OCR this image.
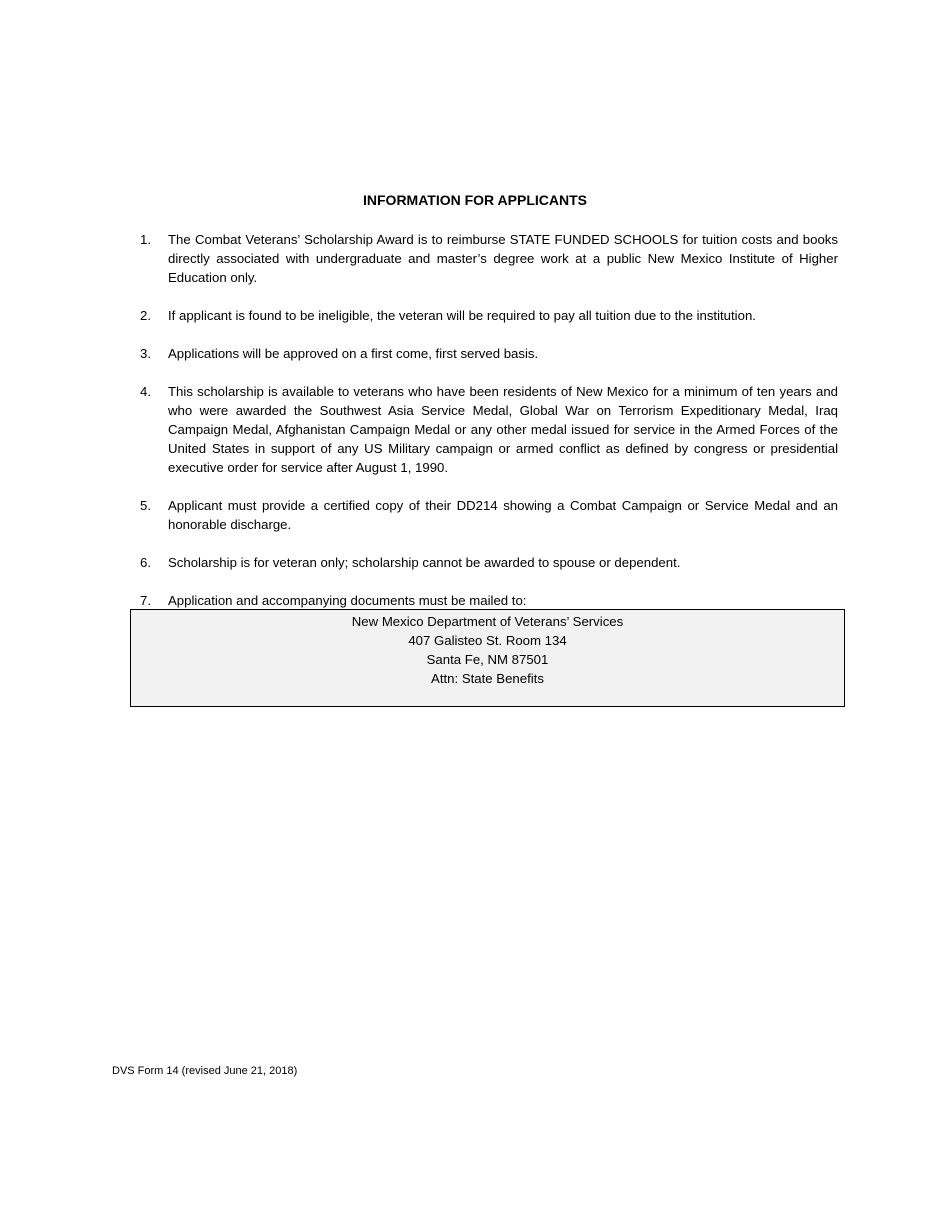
INFORMATION FOR APPLICANTS
1.	The Combat Veterans’ Scholarship Award is to reimburse STATE FUNDED SCHOOLS for tuition costs and books directly associated with undergraduate and master’s degree work at a public New Mexico Institute of Higher Education only.
2.	If applicant is found to be ineligible, the veteran will be required to pay all tuition due to the institution.
3.	Applications will be approved on a first come, first served basis.
4.	This scholarship is available to veterans who have been residents of New Mexico for a minimum of ten years and who were awarded the Southwest Asia Service Medal, Global War on Terrorism Expeditionary Medal, Iraq Campaign Medal, Afghanistan Campaign Medal or any other medal issued for service in the Armed Forces of the United States in support of any US Military campaign or armed conflict as defined by congress or presidential executive order for service after August 1, 1990.
5.	Applicant must provide a certified copy of their DD214 showing a Combat Campaign or Service Medal and an honorable discharge.
6.	Scholarship is for veteran only; scholarship cannot be awarded to spouse or dependent.
7.	Application and accompanying documents must be mailed to:
New Mexico Department of Veterans’ Services
407 Galisteo St. Room 134
Santa Fe, NM 87501
Attn: State Benefits
DVS Form 14 (revised June 21, 2018)
